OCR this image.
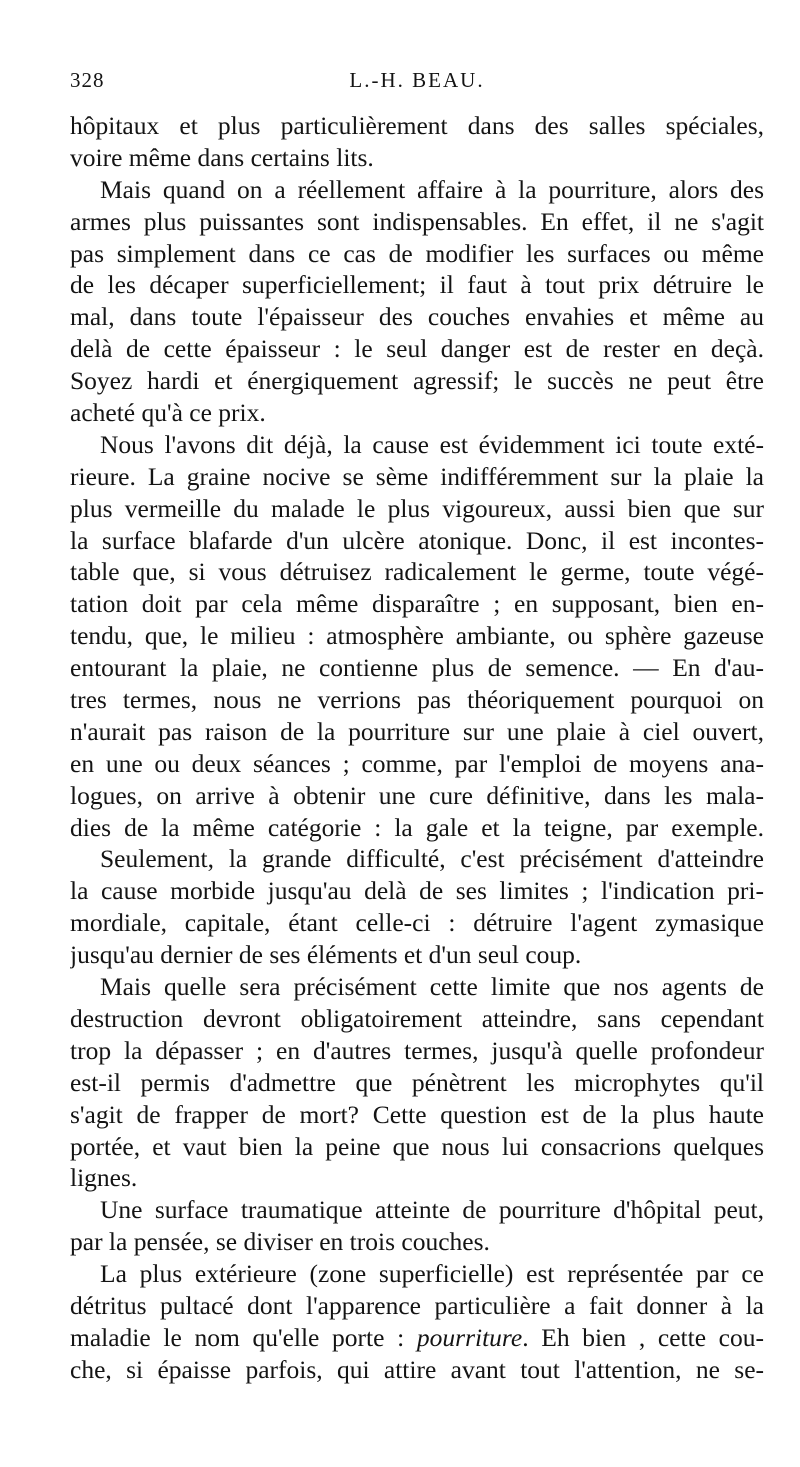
328	L.-H. BEAU.
hôpitaux et plus particulièrement dans des salles spéciales,
voire même dans certains lits.
Mais quand on a réellement affaire à la pourriture, alors des
armes plus puissantes sont indispensables. En effet, il ne s'agit
pas simplement dans ce cas de modifier les surfaces ou même
de les décaper superficiellement; il faut à tout prix détruire le
mal, dans toute l'épaisseur des couches envahies et même au
delà de cette épaisseur : le seul danger est de rester en deçà.
Soyez hardi et énergiquement agressif; le succès ne peut être
acheté qu'à ce prix.
Nous l'avons dit déjà, la cause est évidemment ici toute exté-
rieure. La graine nocive se sème indifféremment sur la plaie la
plus vermeille du malade le plus vigoureux, aussi bien que sur
la surface blafarde d'un ulcère atonique. Donc, il est incontes-
table que, si vous détruisez radicalement le germe, toute végé-
tation doit par cela même disparaître ; en supposant, bien en-
tendu, que, le milieu : atmosphère ambiante, ou sphère gazeuse
entourant la plaie, ne contienne plus de semence. — En d'au-
tres termes, nous ne verrions pas théoriquement pourquoi on
n'aurait pas raison de la pourriture sur une plaie à ciel ouvert,
en une ou deux séances ; comme, par l'emploi de moyens ana-
logues, on arrive à obtenir une cure définitive, dans les mala-
dies de la même catégorie : la gale et la teigne, par exemple.
Seulement, la grande difficulté, c'est précisément d'atteindre
la cause morbide jusqu'au delà de ses limites ; l'indication pri-
mordiale, capitale, étant celle-ci : détruire l'agent zymasique
jusqu'au dernier de ses éléments et d'un seul coup.
Mais quelle sera précisément cette limite que nos agents de
destruction devront obligatoirement atteindre, sans cependant
trop la dépasser ; en d'autres termes, jusqu'à quelle profondeur
est-il permis d'admettre que pénètrent les microphytes qu'il
s'agit de frapper de mort? Cette question est de la plus haute
portée, et vaut bien la peine que nous lui consacrions quelques
lignes.
Une surface traumatique atteinte de pourriture d'hôpital peut,
par la pensée, se diviser en trois couches.
La plus extérieure (zone superficielle) est représentée par ce
détritus pultacé dont l'apparence particulière a fait donner à la
maladie le nom qu'elle porte : pourriture. Eh bien , cette cou-
che, si épaisse parfois, qui attire avant tout l'attention, ne se-
